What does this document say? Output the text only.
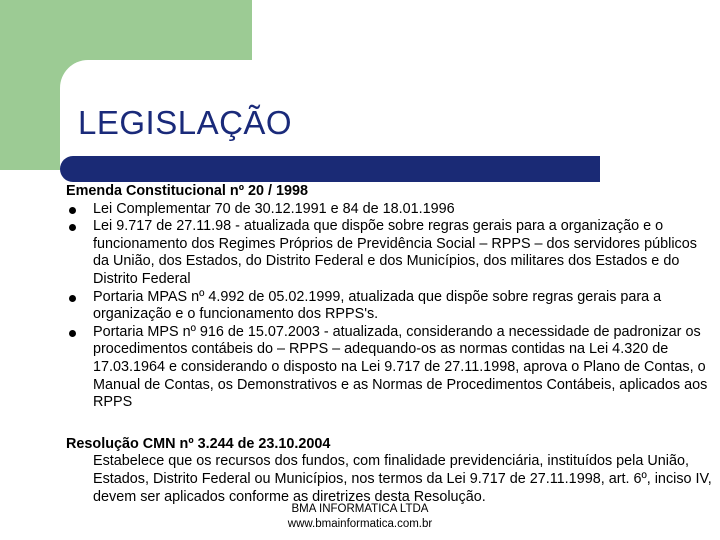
LEGISLAÇÃO

Emenda Constitucional nº 20 / 1998

Lei Complementar 70 de 30.12.1991 e 84 de 18.01.1996
Lei 9.717 de 27.11.98 - atualizada que dispõe sobre regras gerais para a organização e o funcionamento dos Regimes Próprios de Previdência Social – RPPS – dos servidores públicos da União, dos Estados, do Distrito Federal e dos Municípios, dos militares dos Estados e do Distrito Federal
Portaria MPAS nº 4.992 de 05.02.1999, atualizada que dispõe sobre regras gerais para a organização e o funcionamento dos RPPS's.
Portaria MPS nº 916 de 15.07.2003 - atualizada, considerando a necessidade de padronizar os procedimentos contábeis do – RPPS – adequando-os as normas contidas na Lei 4.320 de 17.03.1964 e considerando o disposto na Lei 9.717 de 27.11.1998, aprova o Plano de Contas, o Manual de Contas, os Demonstrativos e as Normas de Procedimentos Contábeis, aplicados aos RPPS

Resolução CMN nº 3.244 de 23.10.2004

Estabelece que os recursos dos fundos, com finalidade previdenciária, instituídos pela União, Estados, Distrito Federal ou Municípios, nos termos da Lei 9.717 de 27.11.1998, art. 6º, inciso IV, devem ser aplicados conforme as diretrizes desta Resolução.

BMA INFORMATICA LTDA
www.bmainformatica.com.br
